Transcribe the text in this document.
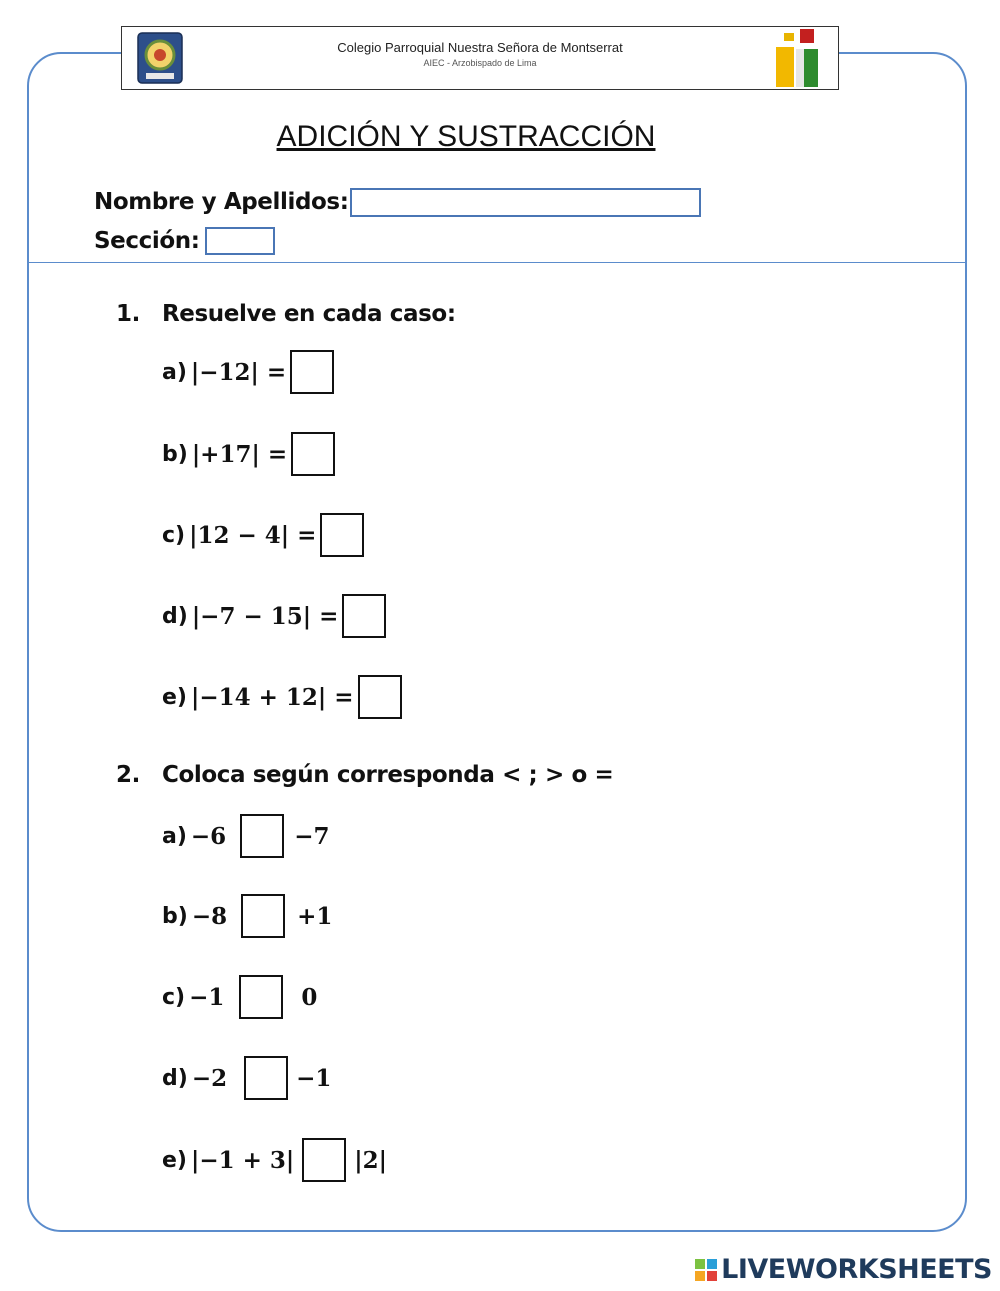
Colegio Parroquial Nuestra Señora de Montserrat
AIEC - Arzobispado de Lima
ADICIÓN Y SUSTRACCIÓN
Nombre y Apellidos:
Sección:
1. Resuelve en cada caso:
a) |−12| =
b) |+17| =
c) |12 − 4| =
d) |−7 − 15| =
e) |−14 + 12| =
2. Coloca según corresponda < ; > o =
a) −6	−7
b) −8	+1
c) −1	0
d) −2	−1
e) |−1 + 3|	|2|
LIVEWORKSHEETS
